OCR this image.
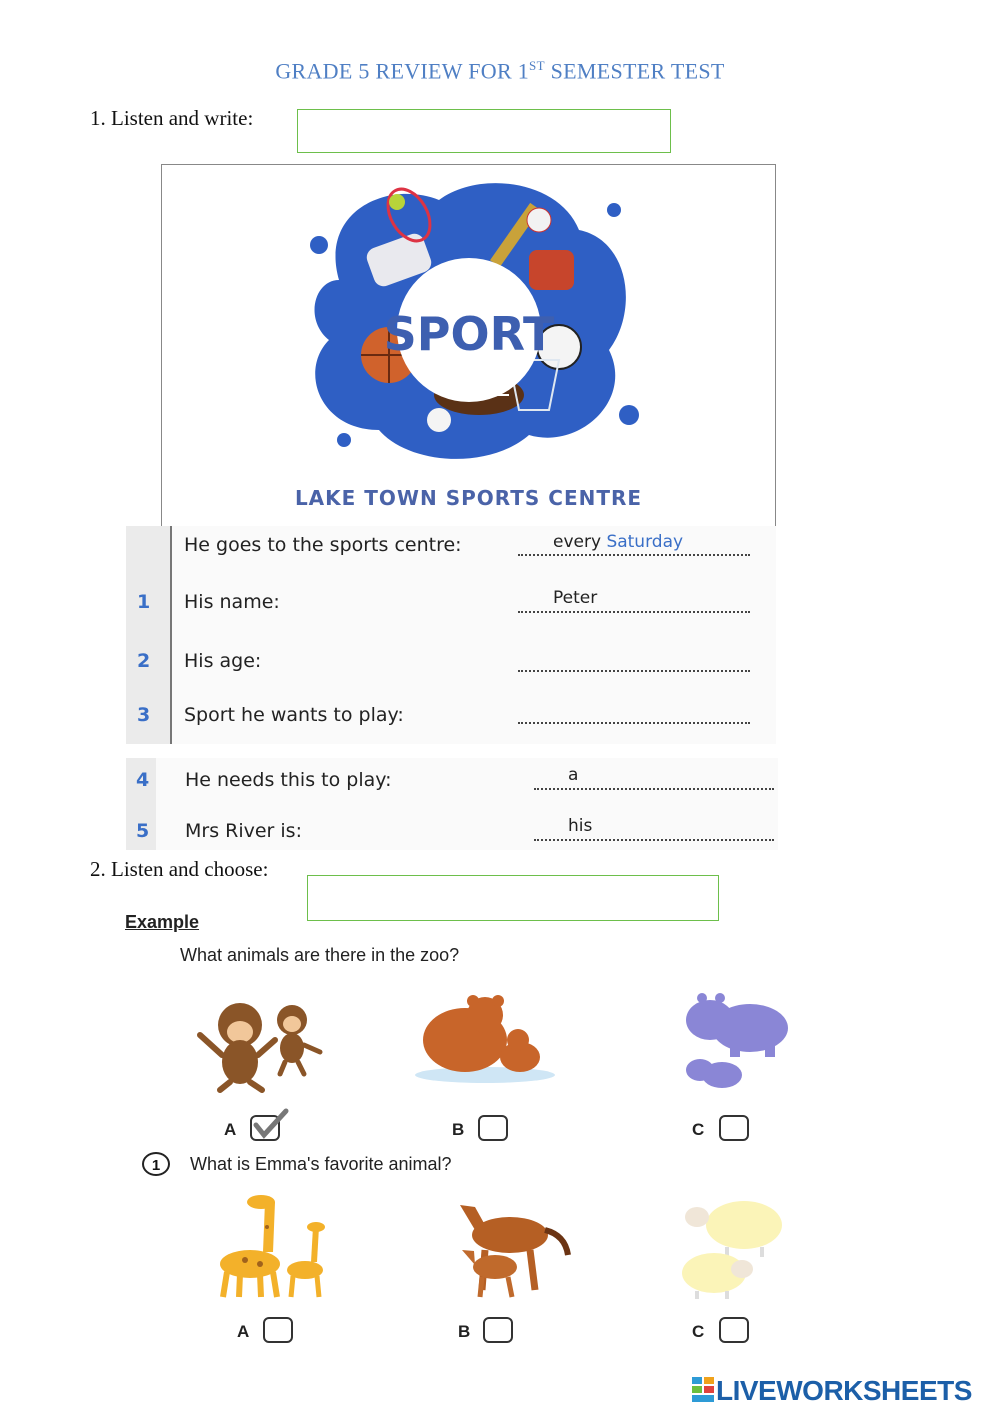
GRADE 5 REVIEW FOR 1ST SEMESTER TEST
1. Listen and write:
SPORT
LAKE TOWN SPORTS CENTRE
He goes to the sports centre:	every Saturday
1 His name:	Peter
2 His age:
3 Sport he wants to play:
4 He needs this to play:	a
5 Mrs River is:	his
2. Listen and choose:
Example
What animals are there in the zoo?
A	B	C
1	What is Emma's favorite animal?
A	B	C
LIVEWORKSHEETS
